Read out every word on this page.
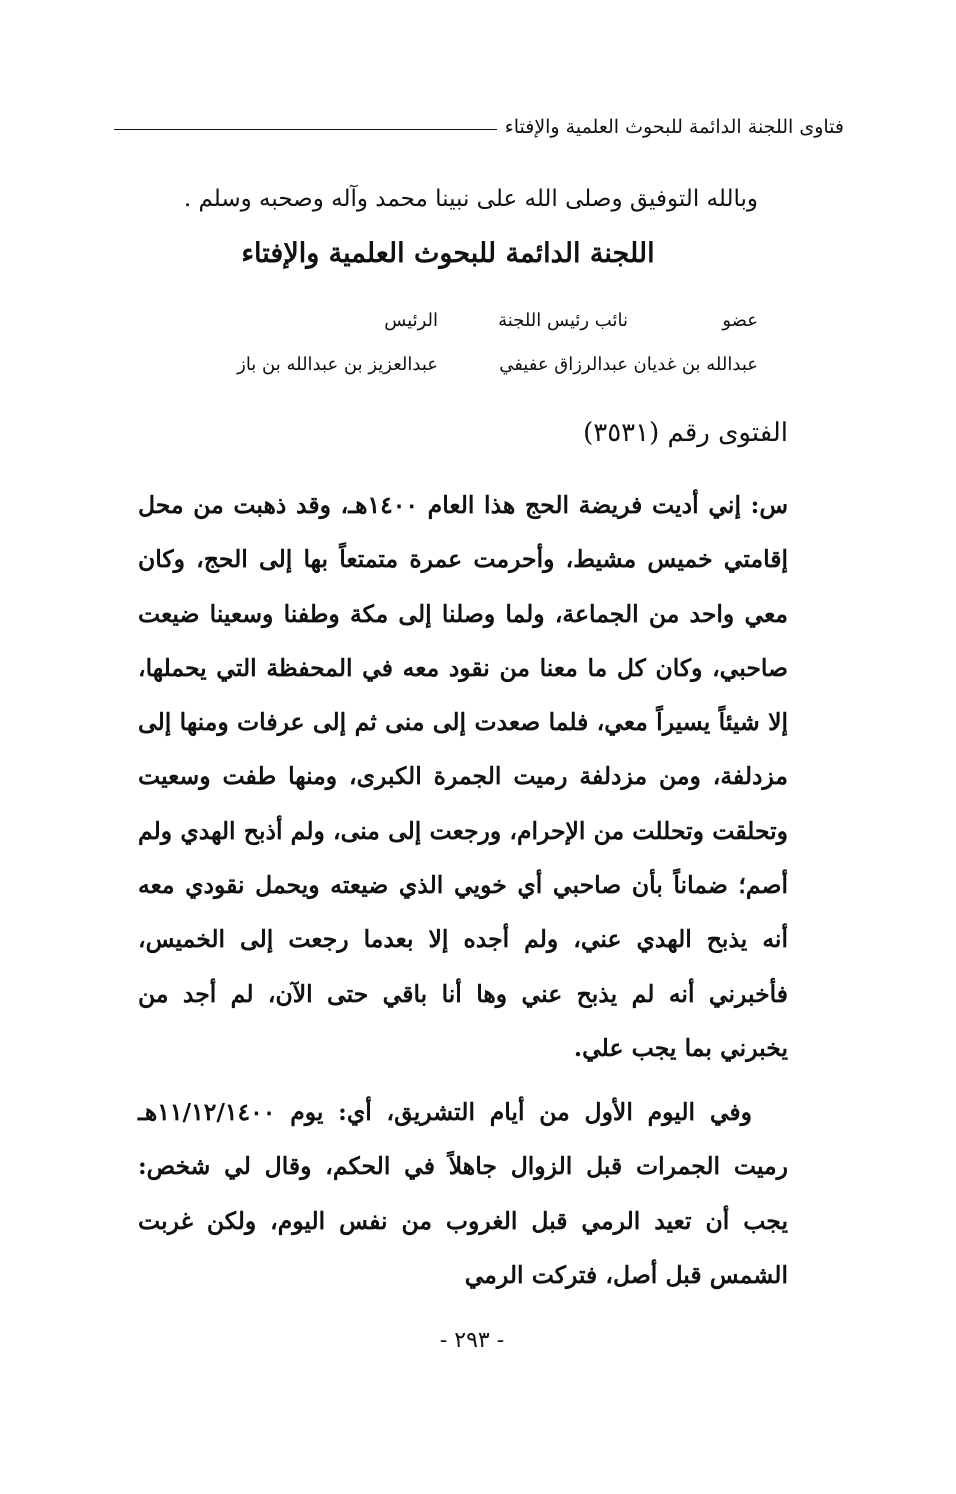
فتاوى اللجنة الدائمة للبحوث العلمية والإفتاء
وبالله التوفيق وصلى الله على نبينا محمد وآله وصحبه وسلم .
اللجنة الدائمة للبحوث العلمية والإفتاء
عضو
نائب رئيس اللجنة
الرئيس
عبدالله بن غديان
عبدالرزاق عفيفي
عبدالعزيز بن عبدالله بن باز
الفتوى رقم (٣٥٣١)

س: إني أديت فريضة الحج هذا العام ١٤٠٠هـ، وقد ذهبت من محل إقامتي خميس مشيط، وأحرمت عمرة متمتعاً بها إلى الحج، وكان معي واحد من الجماعة، ولما وصلنا إلى مكة وطفنا وسعينا ضيعت صاحبي، وكان كل ما معنا من نقود معه في المحفظة التي يحملها، إلا شيئاً يسيراً معي، فلما صعدت إلى منى ثم إلى عرفات ومنها إلى مزدلفة، ومن مزدلفة رميت الجمرة الكبرى، ومنها طفت وسعيت وتحلقت وتحللت من الإحرام، ورجعت إلى منى، ولم أذبح الهدي ولم أصم؛ ضماناً بأن صاحبي أي خويي الذي ضيعته ويحمل نقودي معه أنه يذبح الهدي عني، ولم أجده إلا بعدما رجعت إلى الخميس، فأخبرني أنه لم يذبح عني وها أنا باقي حتى الآن، لم أجد من يخبرني بما يجب علي.

وفي اليوم الأول من أيام التشريق، أي: يوم ١١/١٢/١٤٠٠هـ رميت الجمرات قبل الزوال جاهلاً في الحكم، وقال لي شخص: يجب أن تعيد الرمي قبل الغروب من نفس اليوم، ولكن غربت الشمس قبل أصل، فتركت الرمي

- ٢٩٣ -
